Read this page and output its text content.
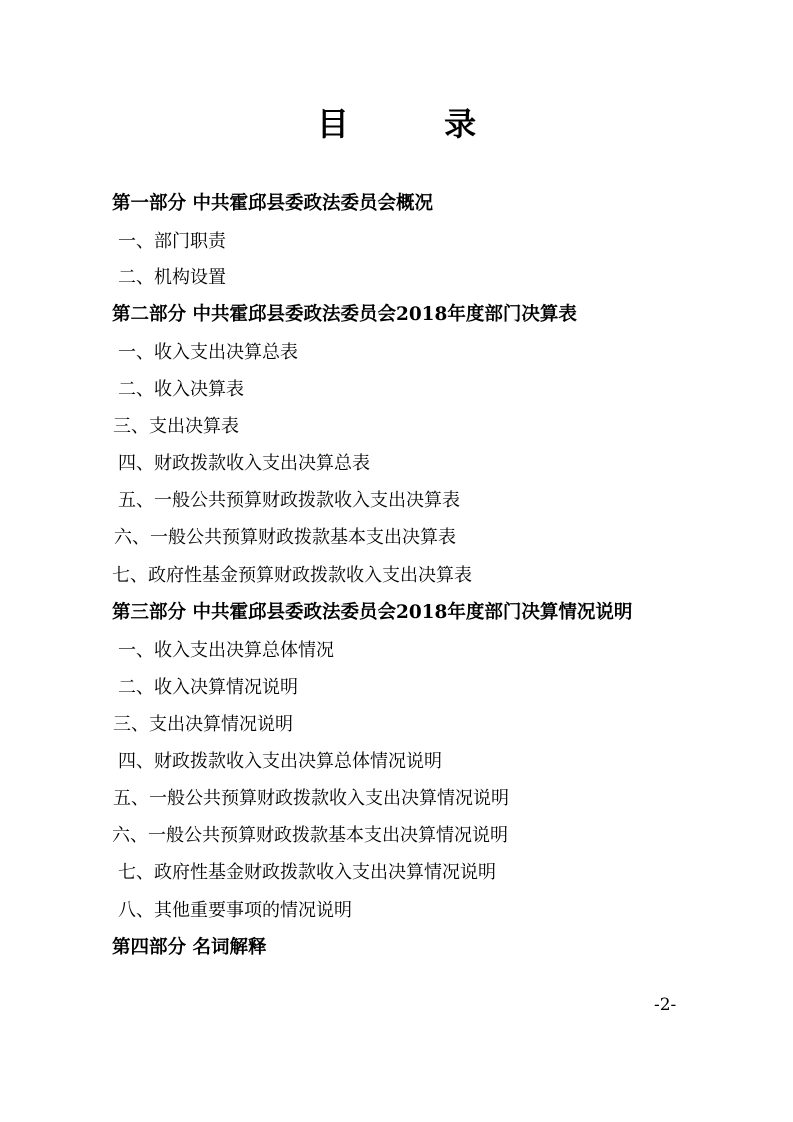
目 录
第一部分 中共霍邱县委政法委员会概况
一、部门职责
二、机构设置
第二部分 中共霍邱县委政法委员会2018年度部门决算表
一、收入支出决算总表
二、收入决算表
三、支出决算表
四、财政拨款收入支出决算总表
五、一般公共预算财政拨款收入支出决算表
六、一般公共预算财政拨款基本支出决算表
七、政府性基金预算财政拨款收入支出决算表
第三部分 中共霍邱县委政法委员会2018年度部门决算情况说明
一、收入支出决算总体情况
二、收入决算情况说明
三、支出决算情况说明
四、财政拨款收入支出决算总体情况说明
五、一般公共预算财政拨款收入支出决算情况说明
六、一般公共预算财政拨款基本支出决算情况说明
七、政府性基金财政拨款收入支出决算情况说明
八、其他重要事项的情况说明
第四部分 名词解释

-2-
